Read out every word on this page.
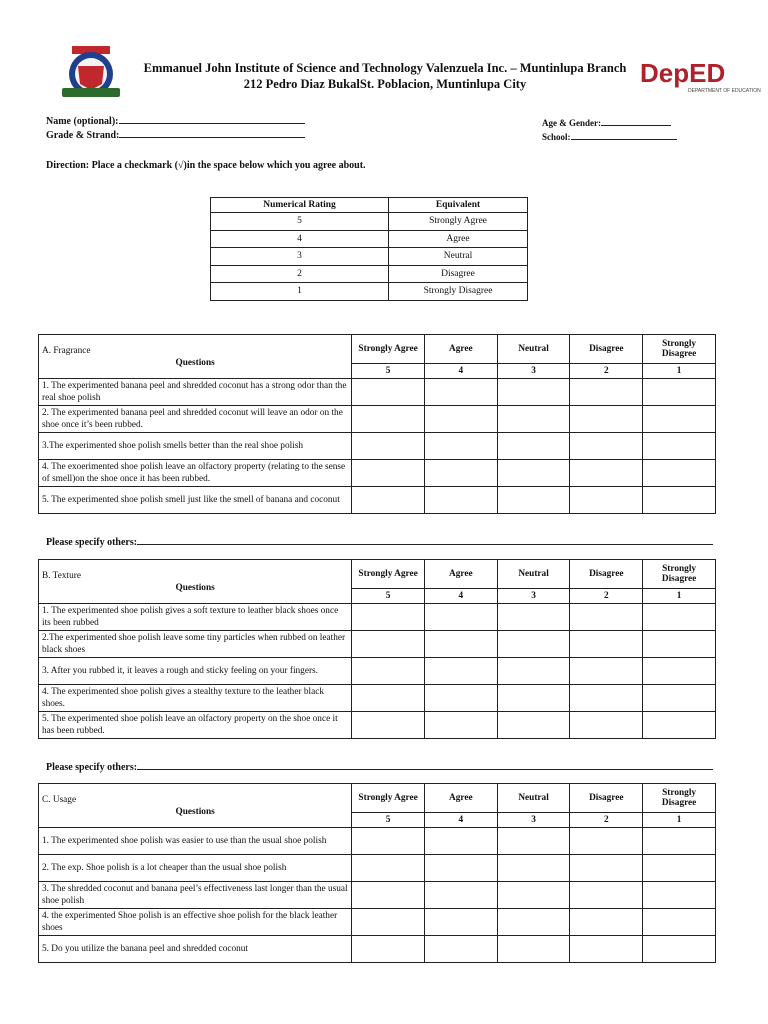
DepED
DEPARTMENT OF EDUCATION
Emmanuel John Institute of Science and Technology Valenzuela Inc. – Muntinlupa Branch
212 Pedro Diaz BukalSt. Poblacion, Muntinlupa City
Name (optional):
Grade & Strand:
Age & Gender:
School:
Direction: Place a checkmark (√)in the space below which you agree about.
Numerical Rating	Equivalent
5	Strongly Agree
4	Agree
3	Neutral
2	Disagree
1	Strongly Disagree
A. Fragrance
Questions	Strongly Agree	Agree	Neutral	Disagree	Strongly Disagree
	5	4	3	2	1
1. The experimented banana peel and shredded coconut has a strong odor than the real shoe polish					
2. The experimented banana peel and shredded coconut will leave an odor on the shoe once it’s been rubbed.					
3.The experimented shoe polish smells better than the real shoe polish					
4. The exoerimented shoe polish leave an olfactory property (relating to the sense of smell)on the shoe once it has been rubbed.					
5. The experimented shoe polish smell just like the smell of banana and coconut					
Please specify others:
B. Texture
Questions	Strongly Agree	Agree	Neutral	Disagree	Strongly Disagree
	5	4	3	2	1
1. The experimented shoe polish gives a soft texture to leather black shoes once its been rubbed					
2.The experimented shoe polish leave some tiny particles when rubbed on leather black shoes					
3. After you rubbed it, it leaves a rough and sticky feeling on your fingers.					
4. The experimented shoe polish gives a stealthy texture to the leather black shoes.					
5. The experimented shoe polish leave an olfactory property on the shoe once it has been rubbed.					
Please specify others:
C. Usage
Questions	Strongly Agree	Agree	Neutral	Disagree	Strongly Disagree
	5	4	3	2	1
1. The experimented shoe polish was easier to use than the usual shoe polish					
2. The exp. Shoe polish is a lot cheaper than the usual shoe polish					
3. The shredded coconut and banana peel’s effectiveness last longer than the usual shoe polish					
4. the experimented Shoe polish is an effective shoe polish for the black leather shoes					
5. Do you utilize the banana peel and shredded coconut					
